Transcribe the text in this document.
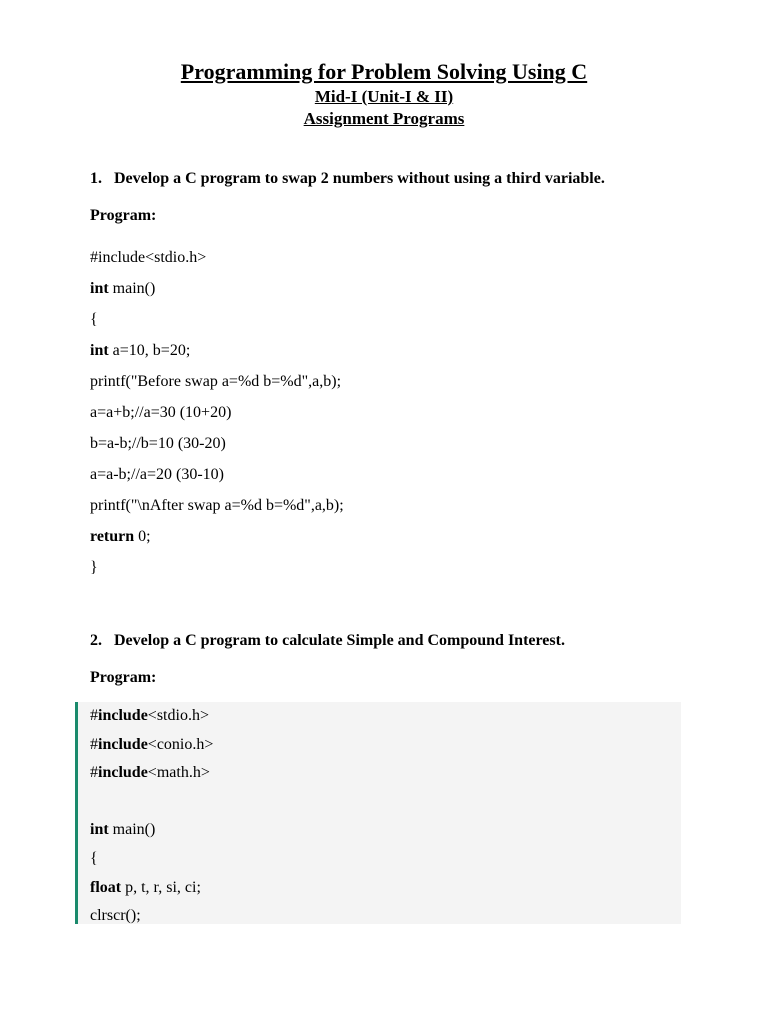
Programming for Problem Solving Using C
Mid-I (Unit-I & II)
Assignment Programs
1. Develop a C program to swap 2 numbers without using a third variable.
Program:
#include<stdio.h>
int main()
{
int a=10, b=20;
printf("Before swap a=%d b=%d",a,b);
a=a+b;//a=30 (10+20)
b=a-b;//b=10 (30-20)
a=a-b;//a=20 (30-10)
printf("\nAfter swap a=%d b=%d",a,b);
return 0;
}
2. Develop a C program to calculate Simple and Compound Interest.
Program:
#include<stdio.h>
#include<conio.h>
#include<math.h>
int main()
{
float p, t, r, si, ci;
clrscr();
